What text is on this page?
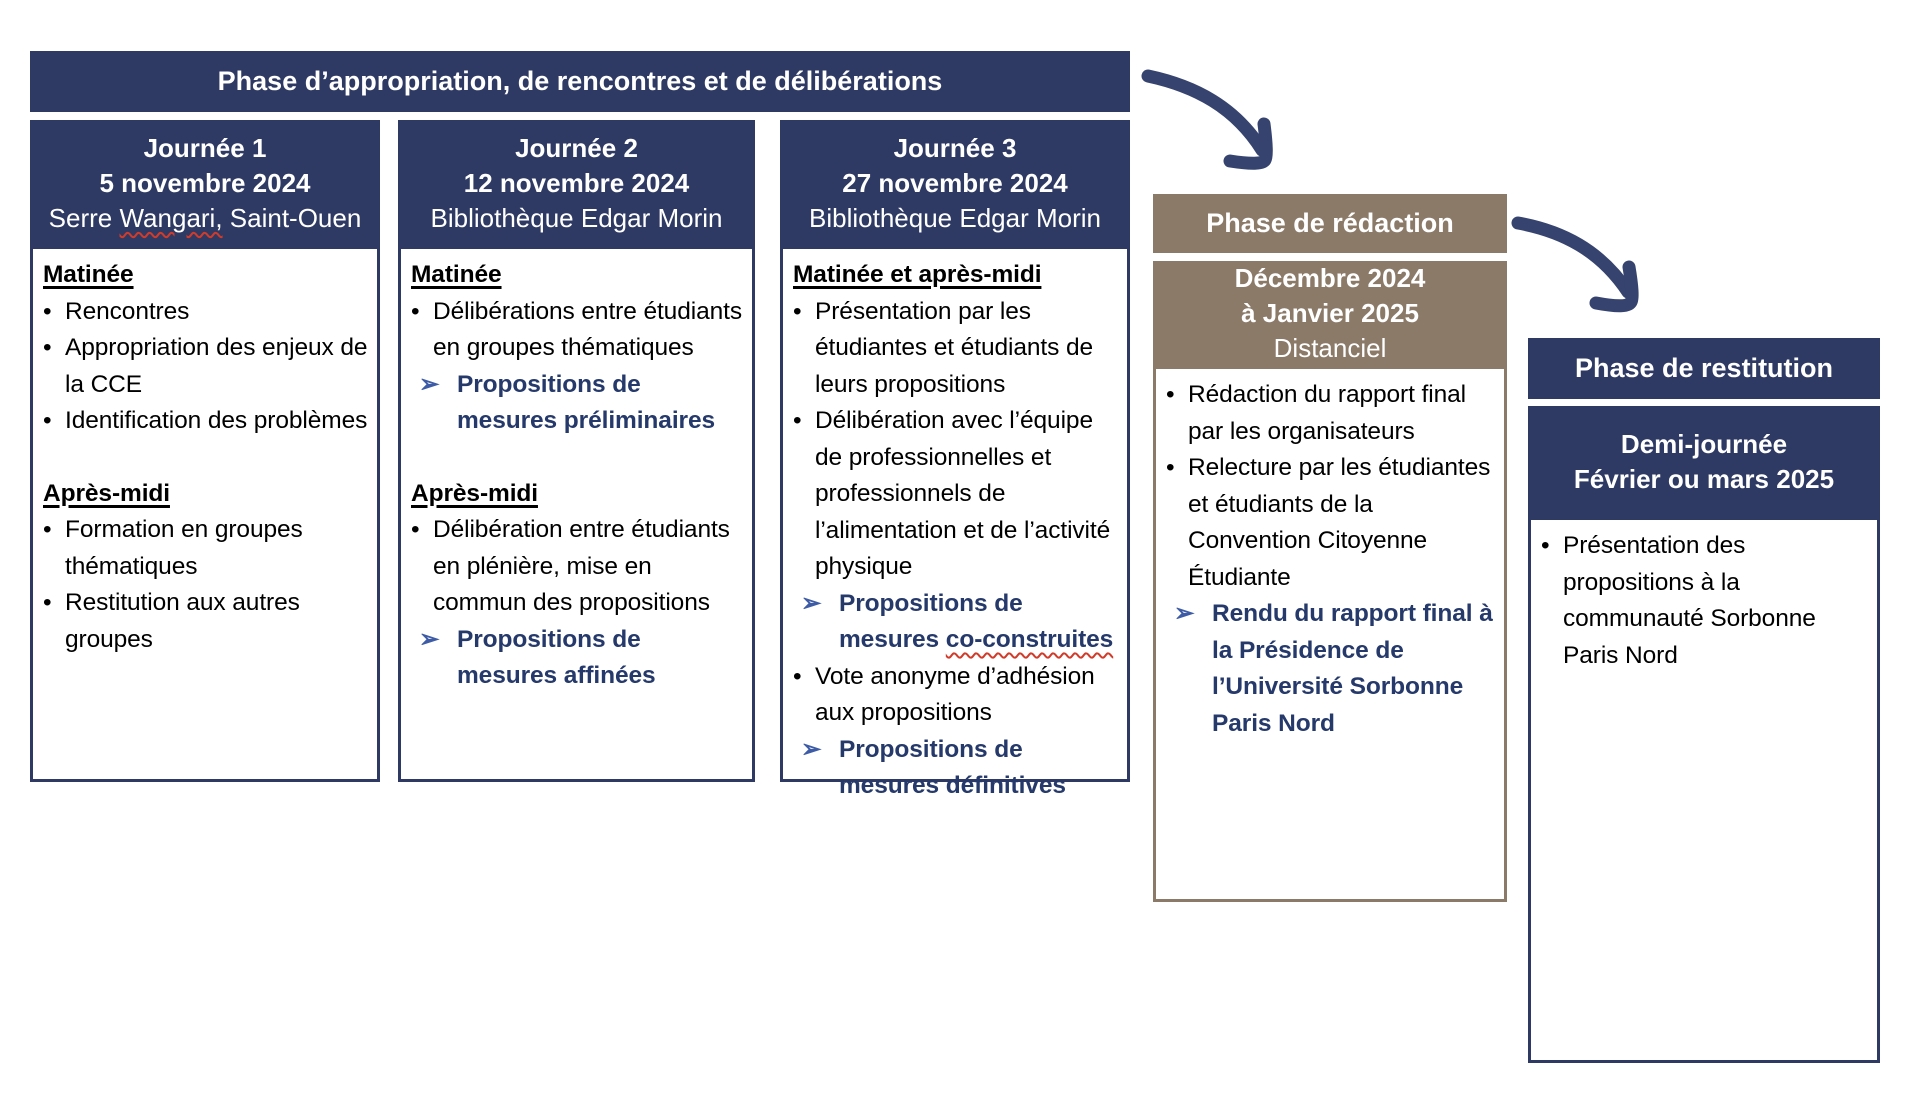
Phase d’appropriation, de rencontres et de délibérations
Journée 1
5 novembre 2024
Serre Wangari, Saint-Ouen
Matinée
• Rencontres
• Appropriation des enjeux de la CCE
• Identification des problèmes
Après-midi
• Formation en groupes thématiques
• Restitution aux autres groupes
Journée 2
12 novembre 2024
Bibliothèque Edgar Morin
Matinée
• Délibérations entre étudiants en groupes thématiques
➢ Propositions de mesures préliminaires
Après-midi
• Délibération entre étudiants en plénière, mise en commun des propositions
➢ Propositions de mesures affinées
Journée 3
27 novembre 2024
Bibliothèque Edgar Morin
Matinée et après-midi
• Présentation par les étudiantes et étudiants de leurs propositions
• Délibération avec l’équipe de professionnelles et professionnels de l’alimentation et de l’activité physique
➢ Propositions de mesures co-construites
• Vote anonyme d’adhésion aux propositions
➢ Propositions de mesures définitives
Phase de rédaction
Décembre 2024
à Janvier 2025
Distanciel
• Rédaction du rapport final par les organisateurs
• Relecture par les étudiantes et étudiants de la Convention Citoyenne Étudiante
➢ Rendu du rapport final à la Présidence de l’Université Sorbonne Paris Nord
Phase de restitution
Demi-journée
Février ou mars 2025
• Présentation des propositions à la communauté Sorbonne Paris Nord
